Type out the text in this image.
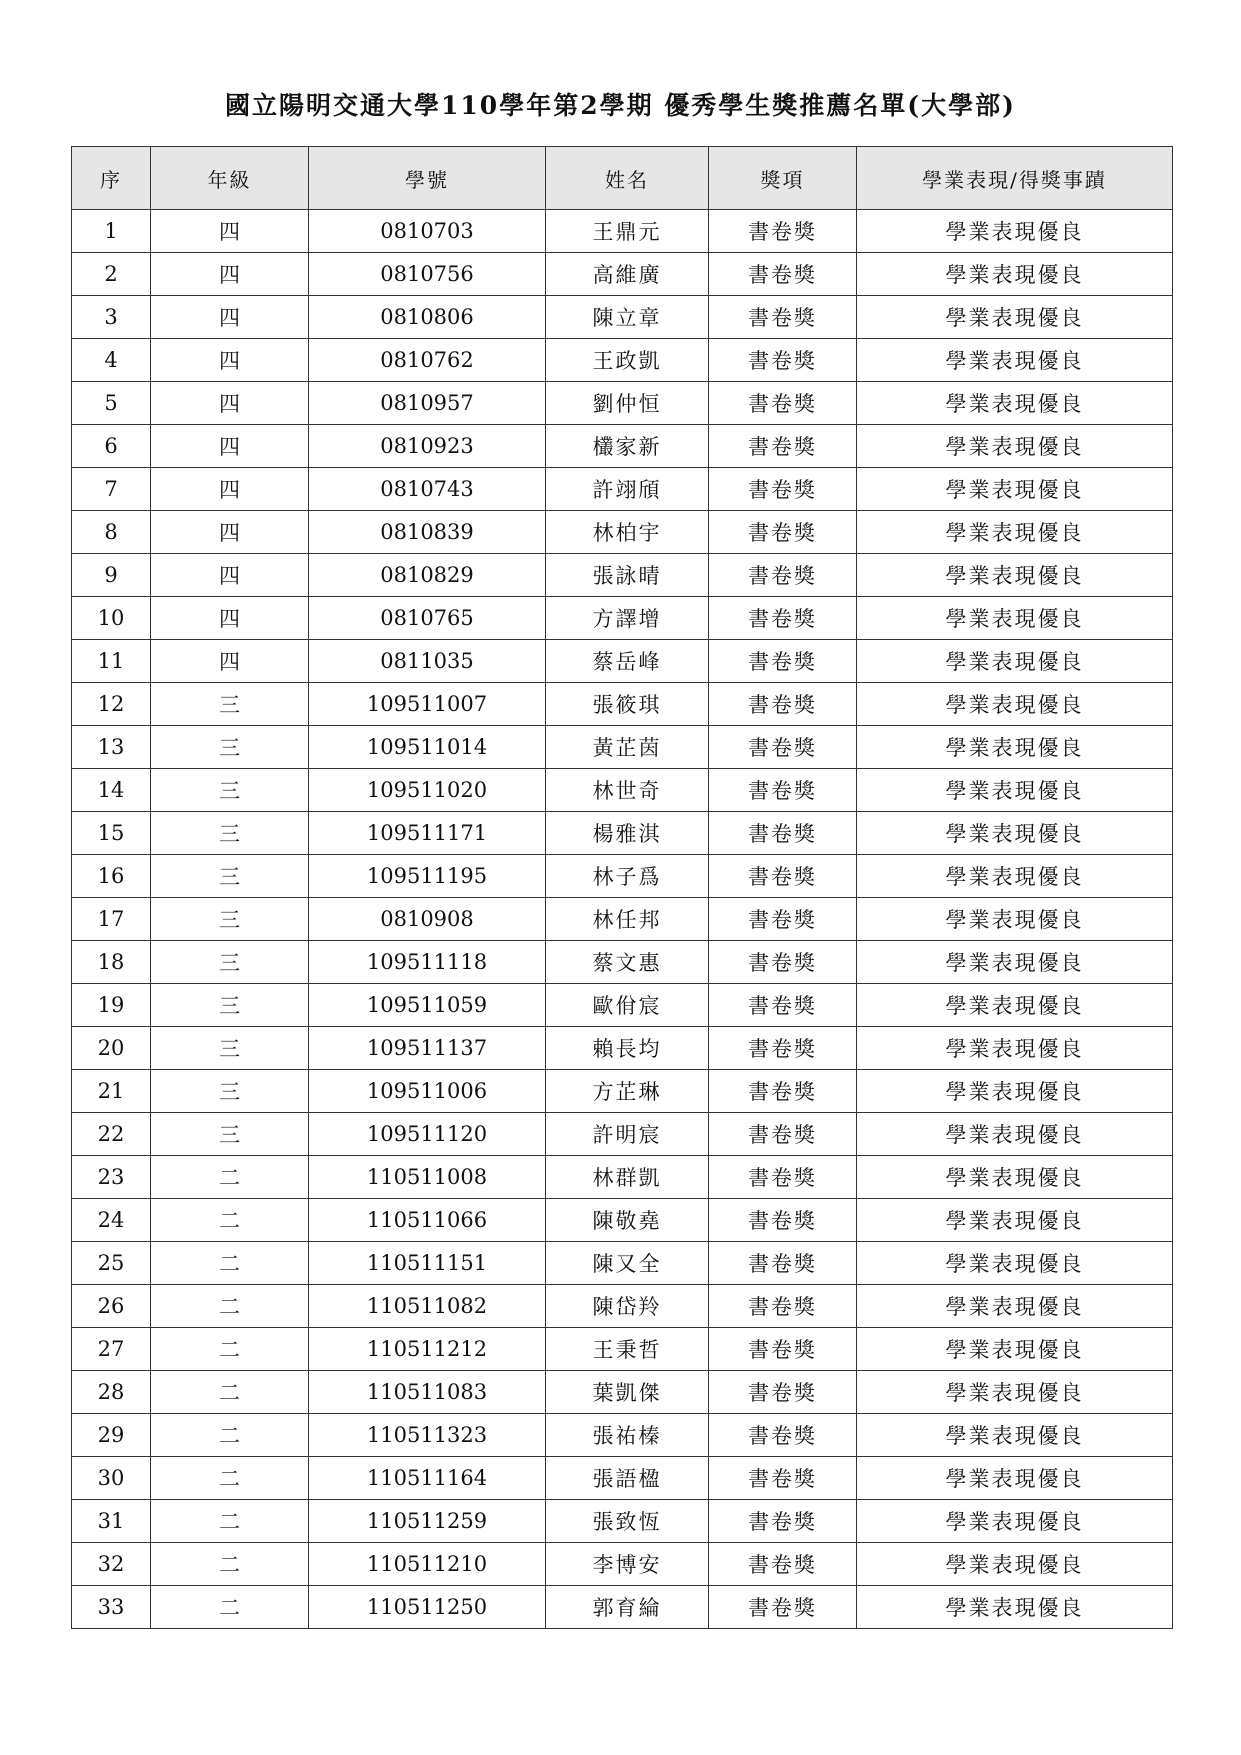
國立陽明交通大學110學年第2學期 優秀學生獎推薦名單(大學部)
序	年級	學號	姓名	獎項	學業表現/得獎事蹟
1	四	0810703	王鼎元	書卷獎	學業表現優良
2	四	0810756	高維廣	書卷獎	學業表現優良
3	四	0810806	陳立章	書卷獎	學業表現優良
4	四	0810762	王政凱	書卷獎	學業表現優良
5	四	0810957	劉仲恒	書卷獎	學業表現優良
6	四	0810923	欉家新	書卷獎	學業表現優良
7	四	0810743	許翊頎	書卷獎	學業表現優良
8	四	0810839	林柏宇	書卷獎	學業表現優良
9	四	0810829	張詠晴	書卷獎	學業表現優良
10	四	0810765	方譯增	書卷獎	學業表現優良
11	四	0811035	蔡岳峰	書卷獎	學業表現優良
12	三	109511007	張筱琪	書卷獎	學業表現優良
13	三	109511014	黃芷茵	書卷獎	學業表現優良
14	三	109511020	林世奇	書卷獎	學業表現優良
15	三	109511171	楊雅淇	書卷獎	學業表現優良
16	三	109511195	林子爲	書卷獎	學業表現優良
17	三	0810908	林任邦	書卷獎	學業表現優良
18	三	109511118	蔡文惠	書卷獎	學業表現優良
19	三	109511059	歐佾宸	書卷獎	學業表現優良
20	三	109511137	賴長均	書卷獎	學業表現優良
21	三	109511006	方芷琳	書卷獎	學業表現優良
22	三	109511120	許明宸	書卷獎	學業表現優良
23	二	110511008	林群凱	書卷獎	學業表現優良
24	二	110511066	陳敬堯	書卷獎	學業表現優良
25	二	110511151	陳又全	書卷獎	學業表現優良
26	二	110511082	陳岱羚	書卷獎	學業表現優良
27	二	110511212	王秉哲	書卷獎	學業表現優良
28	二	110511083	葉凱傑	書卷獎	學業表現優良
29	二	110511323	張祐榛	書卷獎	學業表現優良
30	二	110511164	張語楹	書卷獎	學業表現優良
31	二	110511259	張致恆	書卷獎	學業表現優良
32	二	110511210	李博安	書卷獎	學業表現優良
33	二	110511250	郭育綸	書卷獎	學業表現優良
